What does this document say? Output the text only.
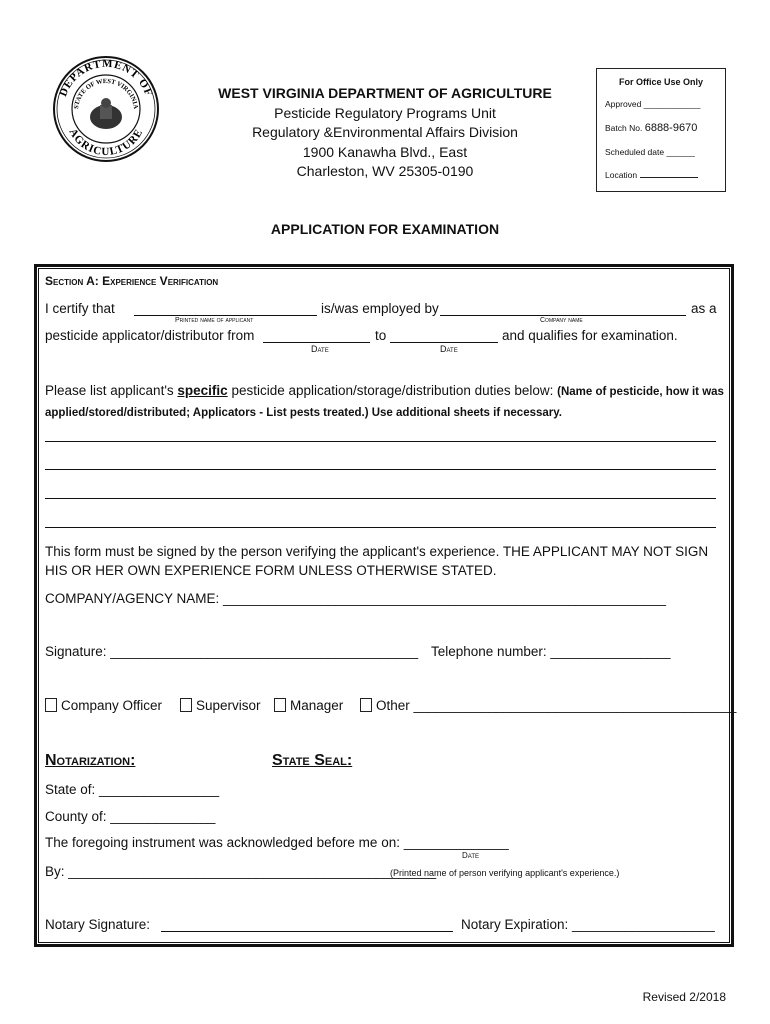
DEPARTMENT OF
AGRICULTURE
STATE OF WEST VIRGINIA
WEST VIRGINIA DEPARTMENT OF AGRICULTURE
Pesticide Regulatory Programs Unit
Regulatory &Environmental Affairs Division
1900 Kanawha Blvd., East
Charleston, WV 25305-0190
For Office Use Only
Approved ____________
Batch No. 6888-9670
Scheduled date ______
Location
APPLICATION FOR EXAMINATION
Section A: Experience Verification
I certify that
Printed name of applicant
is/was employed by
Company name
as a
pesticide applicator/distributor from
Date
to
Date
and qualifies for examination.
Please list applicant's specific pesticide application/storage/distribution duties below: (Name of pesticide, how it was applied/stored/distributed; Applicators - List pests treated.) Use additional sheets if necessary.
This form must be signed by the person verifying the applicant's experience. THE APPLICANT MAY NOT SIGN HIS OR HER OWN EXPERIENCE FORM UNLESS OTHERWISE STATED.
COMPANY/AGENCY NAME: ___________________________________________________________
Signature: _________________________________________ Telephone number: ________________
Company Officer	Supervisor	Manager	Other ___________________________________________
Notarization:	State Seal:
State of: ________________
County of: ______________
The foregoing instrument was acknowledged before me on: ______________
Date
By: _________________________________________________
(Printed name of person verifying applicant's experience.)
Notary Signature:	Notary Expiration: ___________________
Revised 2/2018
